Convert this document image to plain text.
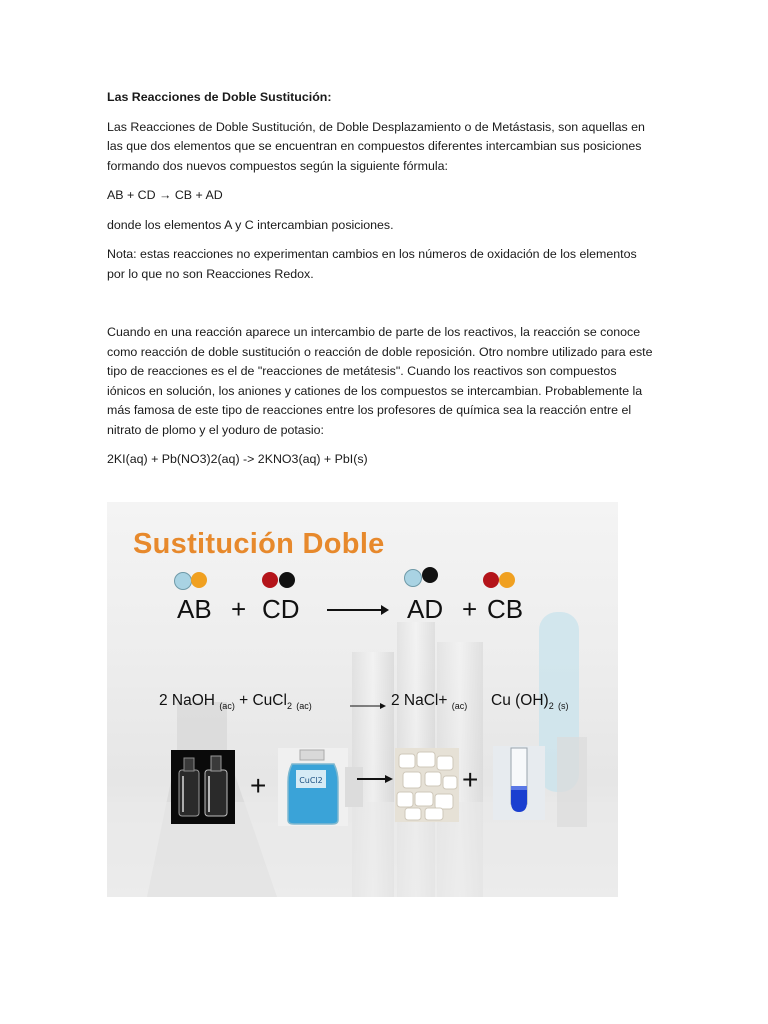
Las Reacciones de Doble Sustitución:

Las Reacciones de Doble Sustitución, de Doble Desplazamiento o de Metástasis, son aquellas en las que dos elementos que se encuentran en compuestos diferentes intercambian sus posiciones formando dos nuevos compuestos según la siguiente fórmula:

AB + CD → CB + AD

donde los elementos A y C intercambian posiciones.

Nota: estas reacciones no experimentan cambios en los números de oxidación de los elementos por lo que no son Reacciones Redox.

Cuando en una reacción aparece un intercambio de parte de los reactivos, la reacción se conoce como reacción de doble sustitución o reacción de doble reposición. Otro nombre utilizado para este tipo de reacciones es el de "reacciones de metátesis". Cuando los reactivos son compuestos iónicos en solución, los aniones y cationes de los compuestos se intercambian. Probablemente la más famosa de este tipo de reacciones entre los profesores de química sea la reacción entre el nitrato de plomo y el yoduro de potasio:

2KI(aq) + Pb(NO3)2(aq) -> 2KNO3(aq) + PbI(s)

Sustitución Doble
AB + CD → AD + CB
2 NaOH $_{(ac)}$ + CuCl$_2$ $_{(ac)}$	2 NaCl+ $_{(ac)}$ Cu $(OH)_2$ $_{(s)}$
+	CuCl2	+
